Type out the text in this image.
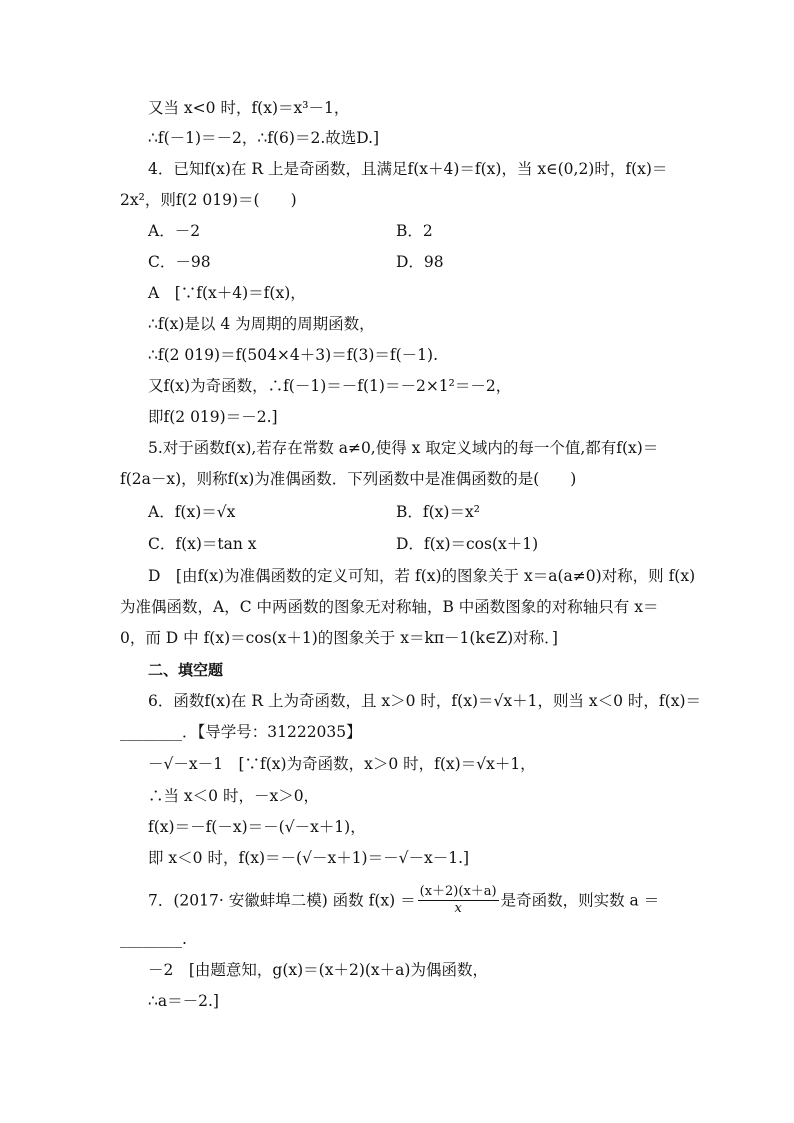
又当 x<0 时，f(x)＝x³－1，
∴f(－1)＝－2，∴f(6)＝2.故选D.]
4．已知f(x)在 R 上是奇函数，且满足f(x＋4)＝f(x)，当 x∈(0,2)时，f(x)＝
2x²，则f(2 019)＝(　　)
A．－2	B．2
C．－98	D．98
A　[∵f(x＋4)＝f(x)，
∴f(x)是以 4 为周期的周期函数，
∴f(2 019)＝f(504×4＋3)＝f(3)＝f(－1).
又f(x)为奇函数，∴f(－1)＝－f(1)＝－2×1²＝－2，
即f(2 019)＝－2.]
5.对于函数f(x),若存在常数 a≠0,使得 x 取定义域内的每一个值,都有f(x)＝
f(2a－x)，则称f(x)为准偶函数．下列函数中是准偶函数的是(　　)
A．f(x)＝√x	B．f(x)＝x²
C．f(x)＝tan x	D．f(x)＝cos(x＋1)
D　[由f(x)为准偶函数的定义可知，若 f(x)的图象关于 x＝a(a≠0)对称，则 f(x)
为准偶函数，A，C 中两函数的图象无对称轴，B 中函数图象的对称轴只有 x＝
0，而 D 中 f(x)＝cos(x＋1)的图象关于 x＝kπ－1(k∈Z)对称．]
二、填空题
6．函数f(x)在 R 上为奇函数，且 x＞0 时，f(x)＝√x＋1，则当 x＜0 时，f(x)＝
________．【导学号：31222035】
－√－x－1　[∵f(x)为奇函数，x＞0 时，f(x)＝√x＋1，
∴当 x＜0 时，－x＞0，
f(x)＝－f(－x)＝－(√－x＋1)，
即 x＜0 时，f(x)＝－(√－x＋1)＝－√－x－1.]
7．(2017· 安徽蚌埠二模) 函数 $f(x) = \frac{(x+2)(x+a)}{x}$ 是奇函数，则实数 a ＝
________.
－2　[由题意知，g(x)＝(x＋2)(x＋a)为偶函数，
∴a＝－2.]
